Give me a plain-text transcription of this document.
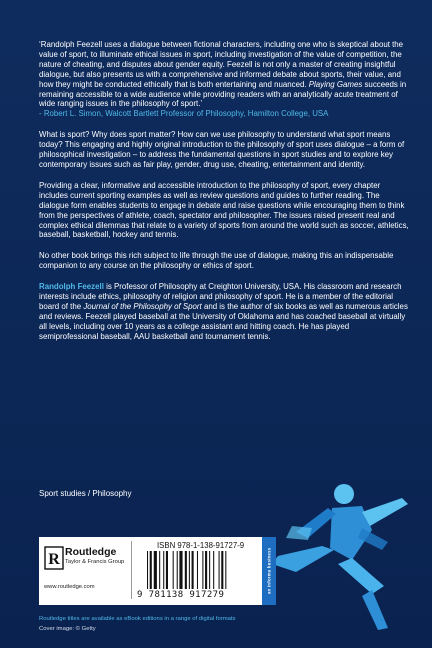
‘Randolph Feezell uses a dialogue between fictional characters, including one who is skeptical about the value of sport, to illuminate ethical issues in sport, including investigation of the value of competition, the nature of cheating, and disputes about gender equity. Feezell is not only a master of creating insightful dialogue, but also presents us with a comprehensive and informed debate about sports, their value, and how they might be conducted ethically that is both entertaining and nuanced. Playing Games succeeds in remaining accessible to a wide audience while providing readers with an analytically acute treatment of wide ranging issues in the philosophy of sport.’
- Robert L. Simon, Walcott Bartlett Professor of Philosophy, Hamilton College, USA

What is sport? Why does sport matter? How can we use philosophy to understand what sport means today? This engaging and highly original introduction to the philosophy of sport uses dialogue – a form of philosophical investigation – to address the fundamental questions in sport studies and to explore key contemporary issues such as fair play, gender, drug use, cheating, entertainment and identity.

Providing a clear, informative and accessible introduction to the philosophy of sport, every chapter includes current sporting examples as well as review questions and guides to further reading. The dialogue form enables students to engage in debate and raise questions while encouraging them to think from the perspectives of athlete, coach, spectator and philosopher. The issues raised present real and complex ethical dilemmas that relate to a variety of sports from around the world such as soccer, athletics, baseball, basketball, hockey and tennis.

No other book brings this rich subject to life through the use of dialogue, making this an indispensable companion to any course on the philosophy or ethics of sport.

Randolph Feezell is Professor of Philosophy at Creighton University, USA. His classroom and research interests include ethics, philosophy of religion and philosophy of sport. He is a member of the editorial board of the Journal of the Philosophy of Sport and is the author of six books as well as numerous articles and reviews. Feezell played baseball at the University of Oklahoma and has coached baseball at virtually all levels, including over 10 years as a college assistant and hitting coach. He has played semiprofessional baseball, AAU basketball and tournament tennis.

Sport studies / Philosophy
R Routledge
Taylor & Francis Group
www.routledge.com
ISBN 978-1-138-91727-9
9 781138 917279
an informa business
Routledge titles are available as eBook editions in a range of digital formats
Cover image: © Getty
